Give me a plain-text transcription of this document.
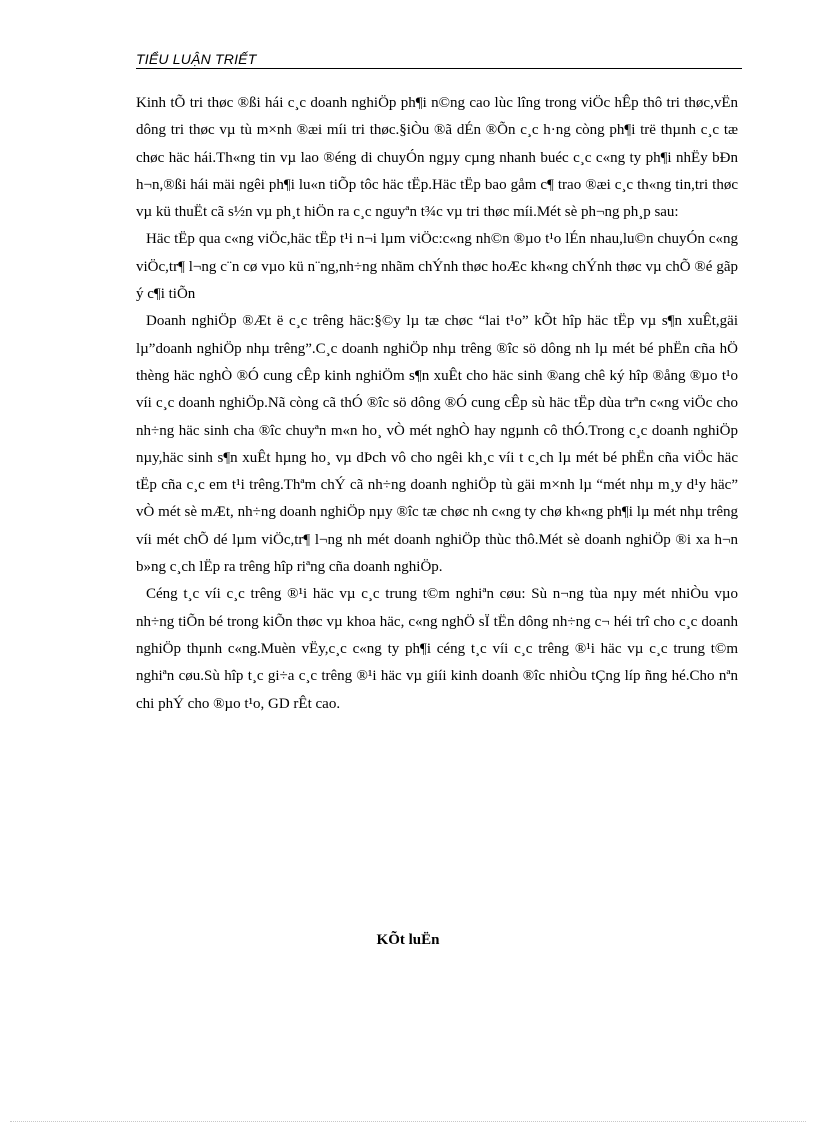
TIỂU LUẬN TRIẾT

Kinh tÕ tri thøc ®ßi hái c¸c doanh nghiÖp ph¶i n©ng cao lùc lîng trong viÖc hÊp thô tri thøc,vËn dông tri thøc vµ tù m×nh ®æi míi tri thøc.§iÒu ®ã dÉn ®Õn c¸c h·ng còng ph¶i trë thµnh c¸c tæ chøc häc hái.Th«ng tin vµ lao ®éng di chuyÓn ngµy cµng nhanh buéc c¸c c«ng ty ph¶i nhËy bÐn h¬n,®ßi hái mäi ngêi ph¶i lu«n tiÕp tôc häc tËp.Häc tËp bao gåm c¶ trao ®æi c¸c th«ng tin,tri thøc vµ kü thuËt cã s½n vµ ph¸t hiÖn ra c¸c nguyªn t¾c vµ tri thøc míi.Mét sè ph¬ng ph¸p sau:

Häc tËp qua c«ng viÖc,häc tËp t¹i n¬i lµm viÖc:c«ng nh©n ®µo t¹o lÉn nhau,lu©n chuyÓn c«ng viÖc,tr¶ l¬ng c¨n cø vµo kü n¨ng,nh÷ng nhãm chÝnh thøc hoÆc kh«ng chÝnh thøc vµ chÕ ®é gãp ý c¶i tiÕn

Doanh nghiÖp ®Æt ë c¸c trêng häc:§©y lµ tæ chøc “lai t¹o” kÕt hîp häc tËp vµ s¶n xuÊt,gäi lµ”doanh nghiÖp nhµ trêng”.C¸c doanh nghiÖp nhµ trêng ®îc sö dông nh lµ mét bé phËn cña hÖ thèng häc nghÒ ®Ó cung cÊp kinh nghiÖm s¶n xuÊt cho häc sinh ®ang chê ký hîp ®ång ®µo t¹o víi c¸c doanh nghiÖp.Nã còng cã thÓ ®îc sö dông ®Ó cung cÊp sù häc tËp dùa trªn c«ng viÖc cho nh÷ng häc sinh cha ®îc chuyªn m«n ho¸ vÒ mét nghÒ hay ngµnh cô thÓ.Trong c¸c doanh nghiÖp nµy,häc sinh s¶n xuÊt hµng ho¸ vµ dÞch vô cho ngêi kh¸c víi t c¸ch lµ mét bé phËn cña viÖc häc tËp cña c¸c em t¹i trêng.Thªm chÝ cã nh÷ng doanh nghiÖp tù gäi m×nh lµ “mét nhµ m¸y d¹y häc” vÒ mét sè mÆt, nh÷ng doanh nghiÖp nµy ®îc tæ chøc nh c«ng ty chø kh«ng ph¶i lµ mét nhµ trêng víi mét chÕ dé lµm viÖc,tr¶ l¬ng nh mét doanh nghiÖp thùc thô.Mét sè doanh nghiÖp ®i xa h¬n b»ng c¸ch lËp ra trêng hîp riªng cña doanh nghiÖp.

Céng t¸c víi c¸c trêng ®¹i häc vµ c¸c trung t©m nghiªn cøu: Sù n¬ng tùa nµy mét nhiÒu vµo nh÷ng tiÕn bé trong kiÕn thøc vµ khoa häc, c«ng nghÖ sÏ tËn dông nh÷ng c¬ héi trî cho c¸c doanh nghiÖp thµnh c«ng.Muèn vËy,c¸c c«ng ty ph¶i céng t¸c víi c¸c trêng ®¹i häc vµ c¸c trung t©m nghiªn cøu.Sù hîp t¸c gi÷a c¸c trêng ®¹i häc vµ giíi kinh doanh ®îc nhiÒu tÇng líp ñng hé.Cho nªn chi phÝ cho ®µo t¹o, GD rÊt cao.

KÕt luËn
